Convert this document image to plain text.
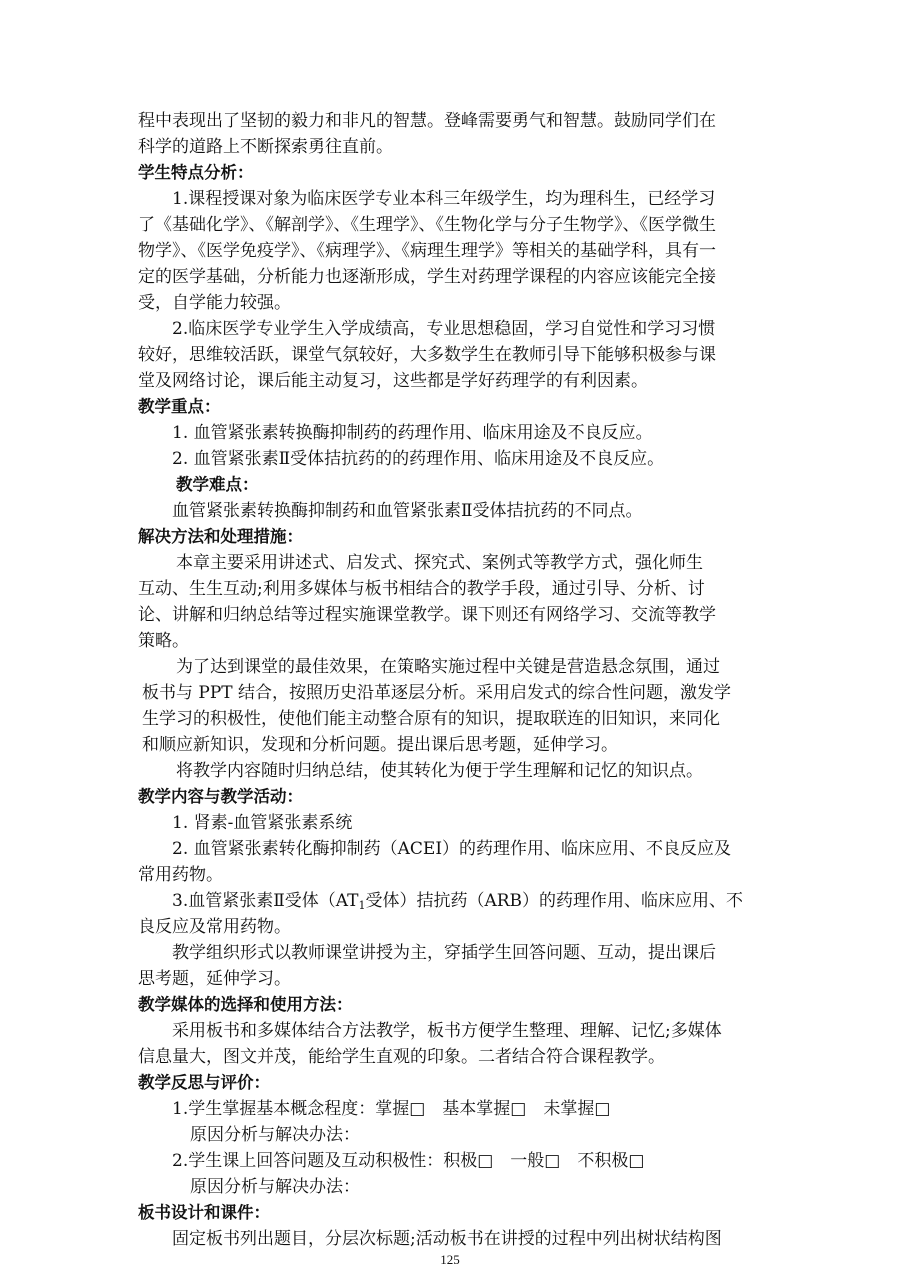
程中表现出了坚韧的毅力和非凡的智慧。登峰需要勇气和智慧。鼓励同学们在
科学的道路上不断探索勇往直前。
学生特点分析：
1.课程授课对象为临床医学专业本科三年级学生，均为理科生，已经学习
了《基础化学》、《解剖学》、《生理学》、《生物化学与分子生物学》、《医学微生
物学》、《医学免疫学》、《病理学》、《病理生理学》等相关的基础学科，具有一
定的医学基础，分析能力也逐渐形成，学生对药理学课程的内容应该能完全接
受，自学能力较强。
2.临床医学专业学生入学成绩高，专业思想稳固，学习自觉性和学习习惯
较好，思维较活跃，课堂气氛较好，大多数学生在教师引导下能够积极参与课
堂及网络讨论，课后能主动复习，这些都是学好药理学的有利因素。
教学重点：
1. 血管紧张素转换酶抑制药的药理作用、临床用途及不良反应。
2. 血管紧张素Ⅱ受体拮抗药的的药理作用、临床用途及不良反应。
教学难点：
血管紧张素转换酶抑制药和血管紧张素Ⅱ受体拮抗药的不同点。
解决方法和处理措施：
本章主要采用讲述式、启发式、探究式、案例式等教学方式，强化师生
互动、生生互动;利用多媒体与板书相结合的教学手段，通过引导、分析、讨
论、讲解和归纳总结等过程实施课堂教学。课下则还有网络学习、交流等教学
策略。
为了达到课堂的最佳效果，在策略实施过程中关键是营造悬念氛围，通过
板书与 PPT 结合，按照历史沿革逐层分析。采用启发式的综合性问题，激发学
生学习的积极性，使他们能主动整合原有的知识，提取联连的旧知识，来同化
和顺应新知识，发现和分析问题。提出课后思考题，延伸学习。
将教学内容随时归纳总结，使其转化为便于学生理解和记忆的知识点。
教学内容与教学活动：
1. 肾素-血管紧张素系统
2. 血管紧张素转化酶抑制药（ACEI）的药理作用、临床应用、不良反应及
常用药物。
3.血管紧张素Ⅱ受体（$AT_1$受体）拮抗药（ARB）的药理作用、临床应用、不
良反应及常用药物。
教学组织形式以教师课堂讲授为主，穿插学生回答问题、互动，提出课后
思考题，延伸学习。
教学媒体的选择和使用方法：
采用板书和多媒体结合方法教学，板书方便学生整理、理解、记忆;多媒体
信息量大，图文并茂，能给学生直观的印象。二者结合符合课程教学。
教学反思与评价：
1.学生掌握基本概念程度：掌握□　基本掌握□　未掌握□
原因分析与解决办法：
2.学生课上回答问题及互动积极性：积极□　一般□　不积极□
原因分析与解决办法：
板书设计和课件：
固定板书列出题目，分层次标题;活动板书在讲授的过程中列出树状结构图
125
